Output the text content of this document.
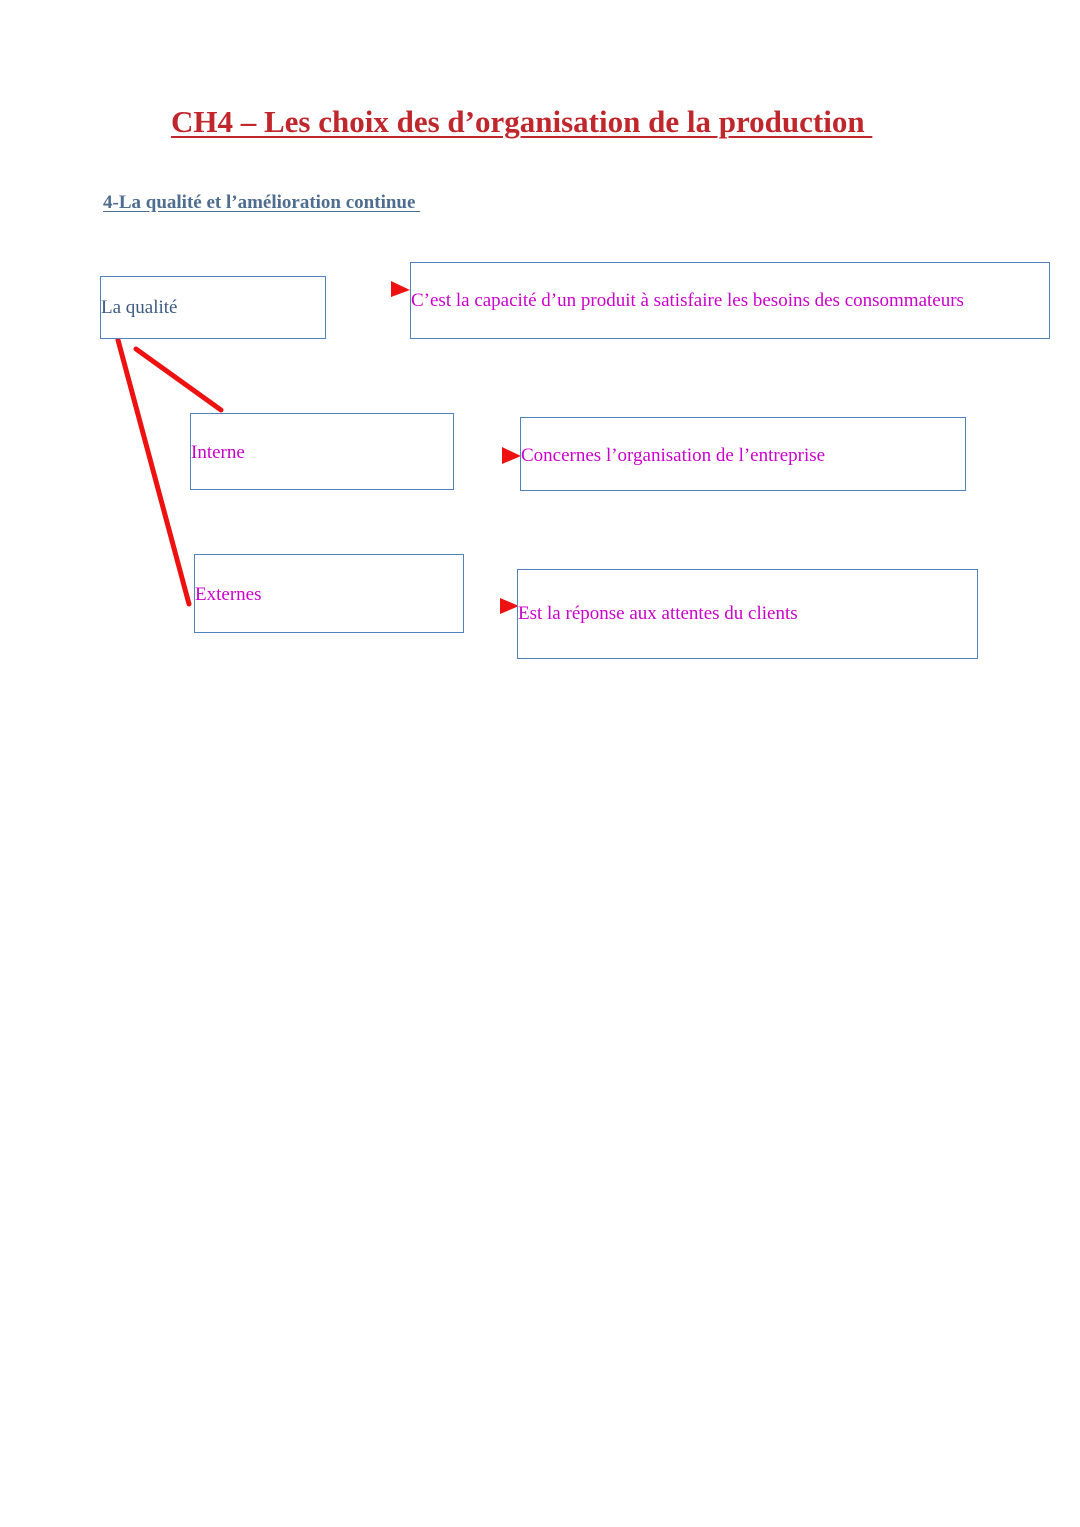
CH4 – Les choix des d’organisation de la production
4-La qualité et l’amélioration continue
La qualité	C’est la capacité d’un produit à satisfaire les besoins des consommateurs
Interne	Concernes l’organisation de l’entreprise
Externes
Est la réponse aux attentes du clients
